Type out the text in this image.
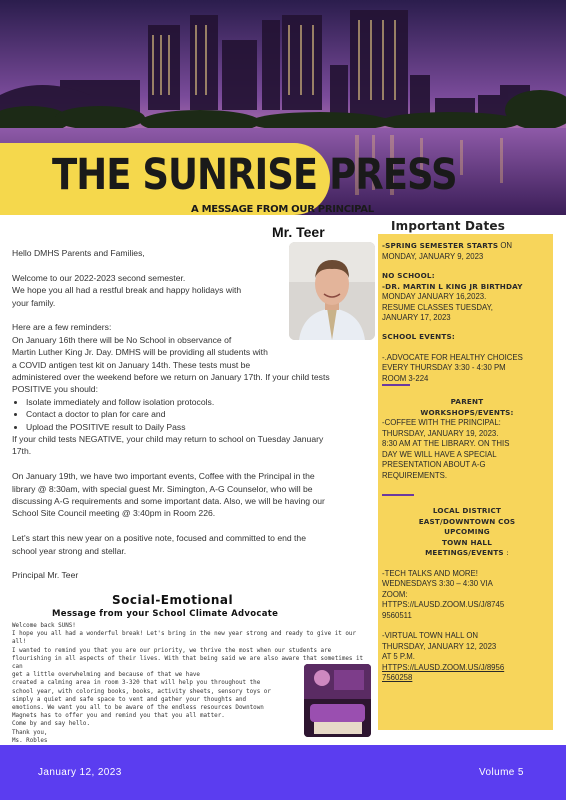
THE SUNRISE PRESS
A MESSAGE FROM OUR PRINCIPAL
Mr. Teer

Hello DMHS Parents and Families,

Welcome to our 2022-2023 second semester.

We hope you all had a restful break and happy holidays with

your family.

Here are a few reminders:

On January 16th there will be No School in observance of

Martin Luther King Jr. Day. DMHS will be providing all students with

a COVID antigen test kit on January 14th. These tests must be

administered over the weekend before we return on January 17th. If your child tests

POSITIVE you should:

• Isolate immediately and follow isolation protocols.
• Contact a doctor to plan for care and
• Upload the POSITIVE result to Daily Pass

If your child tests NEGATIVE, your child may return to school on Tuesday January

17th.

On January 19th, we have two important events, Coffee with the Principal in the

library @ 8:30am, with special guest Mr. Simington, A-G Counselor, who will be

discussing A-G requirements and some important data. Also, we will be having our

School Site Council meeting @ 3:40pm in Room 226.

Let's start this new year on a positive note, focused and committed to end the

school year strong and stellar.

Principal Mr. Teer

Social-Emotional
Message from your School Climate Advocate

Welcome back SUNS!

I hope you all had a wonderful break! Let's bring in the new year strong and ready to give it our all!

I wanted to remind you that you are our priority, we thrive the most when our students are

flourishing in all aspects of their lives. With that being said we are also aware that sometimes it can

get a little overwhelming and because of that we have

created a calming area in room 3-320 that will help you throughout the

school year, with coloring books, books, activity sheets, sensory toys or

simply a quiet and safe space to vent and gather your thoughts and

emotions. We want you all to be aware of the endless resources Downtown

Magnets has to offer you and remind you that you all matter.

Come by and say hello.

Thank you,

Ms. Robles

Important Dates
-SPRING SEMESTER STARTS ON
MONDAY, JANUARY 9, 2023
NO SCHOOL:
-DR. MARTIN L KING JR BIRTHDAY
MONDAY JANUARY 16,2023.
RESUME CLASSES TUESDAY,
JANUARY 17, 2023
SCHOOL EVENTS:
-.ADVOCATE FOR HEALTHY CHOICES
EVERY THURSDAY 3:30 - 4:30 PM
ROOM 3-224
PARENT
WORKSHOPS/EVENTS:
-COFFEE WITH THE PRINCIPAL:
THURSDAY, JANUARY 19, 2023.
8:30 AM AT THE LIBRARY. ON THIS
DAY WE WILL HAVE A SPECIAL
PRESENTATION ABOUT A-G
REQUIREMENTS.
LOCAL DISTRICT
EAST/DOWNTOWN COS
UPCOMING
TOWN HALL
MEETINGS/EVENTS :
-TECH TALKS AND MORE!
WEDNESDAYS 3:30 – 4:30 VIA
ZOOM:
HTTPS://LAUSD.ZOOM.US/J/8745
9560511
-VIRTUAL TOWN HALL ON
THURSDAY, JANUARY 12, 2023
AT 5 P.M.
HTTPS://LAUSD.ZOOM.US/J/8956
7560258
January 12, 2023	Volume 5
